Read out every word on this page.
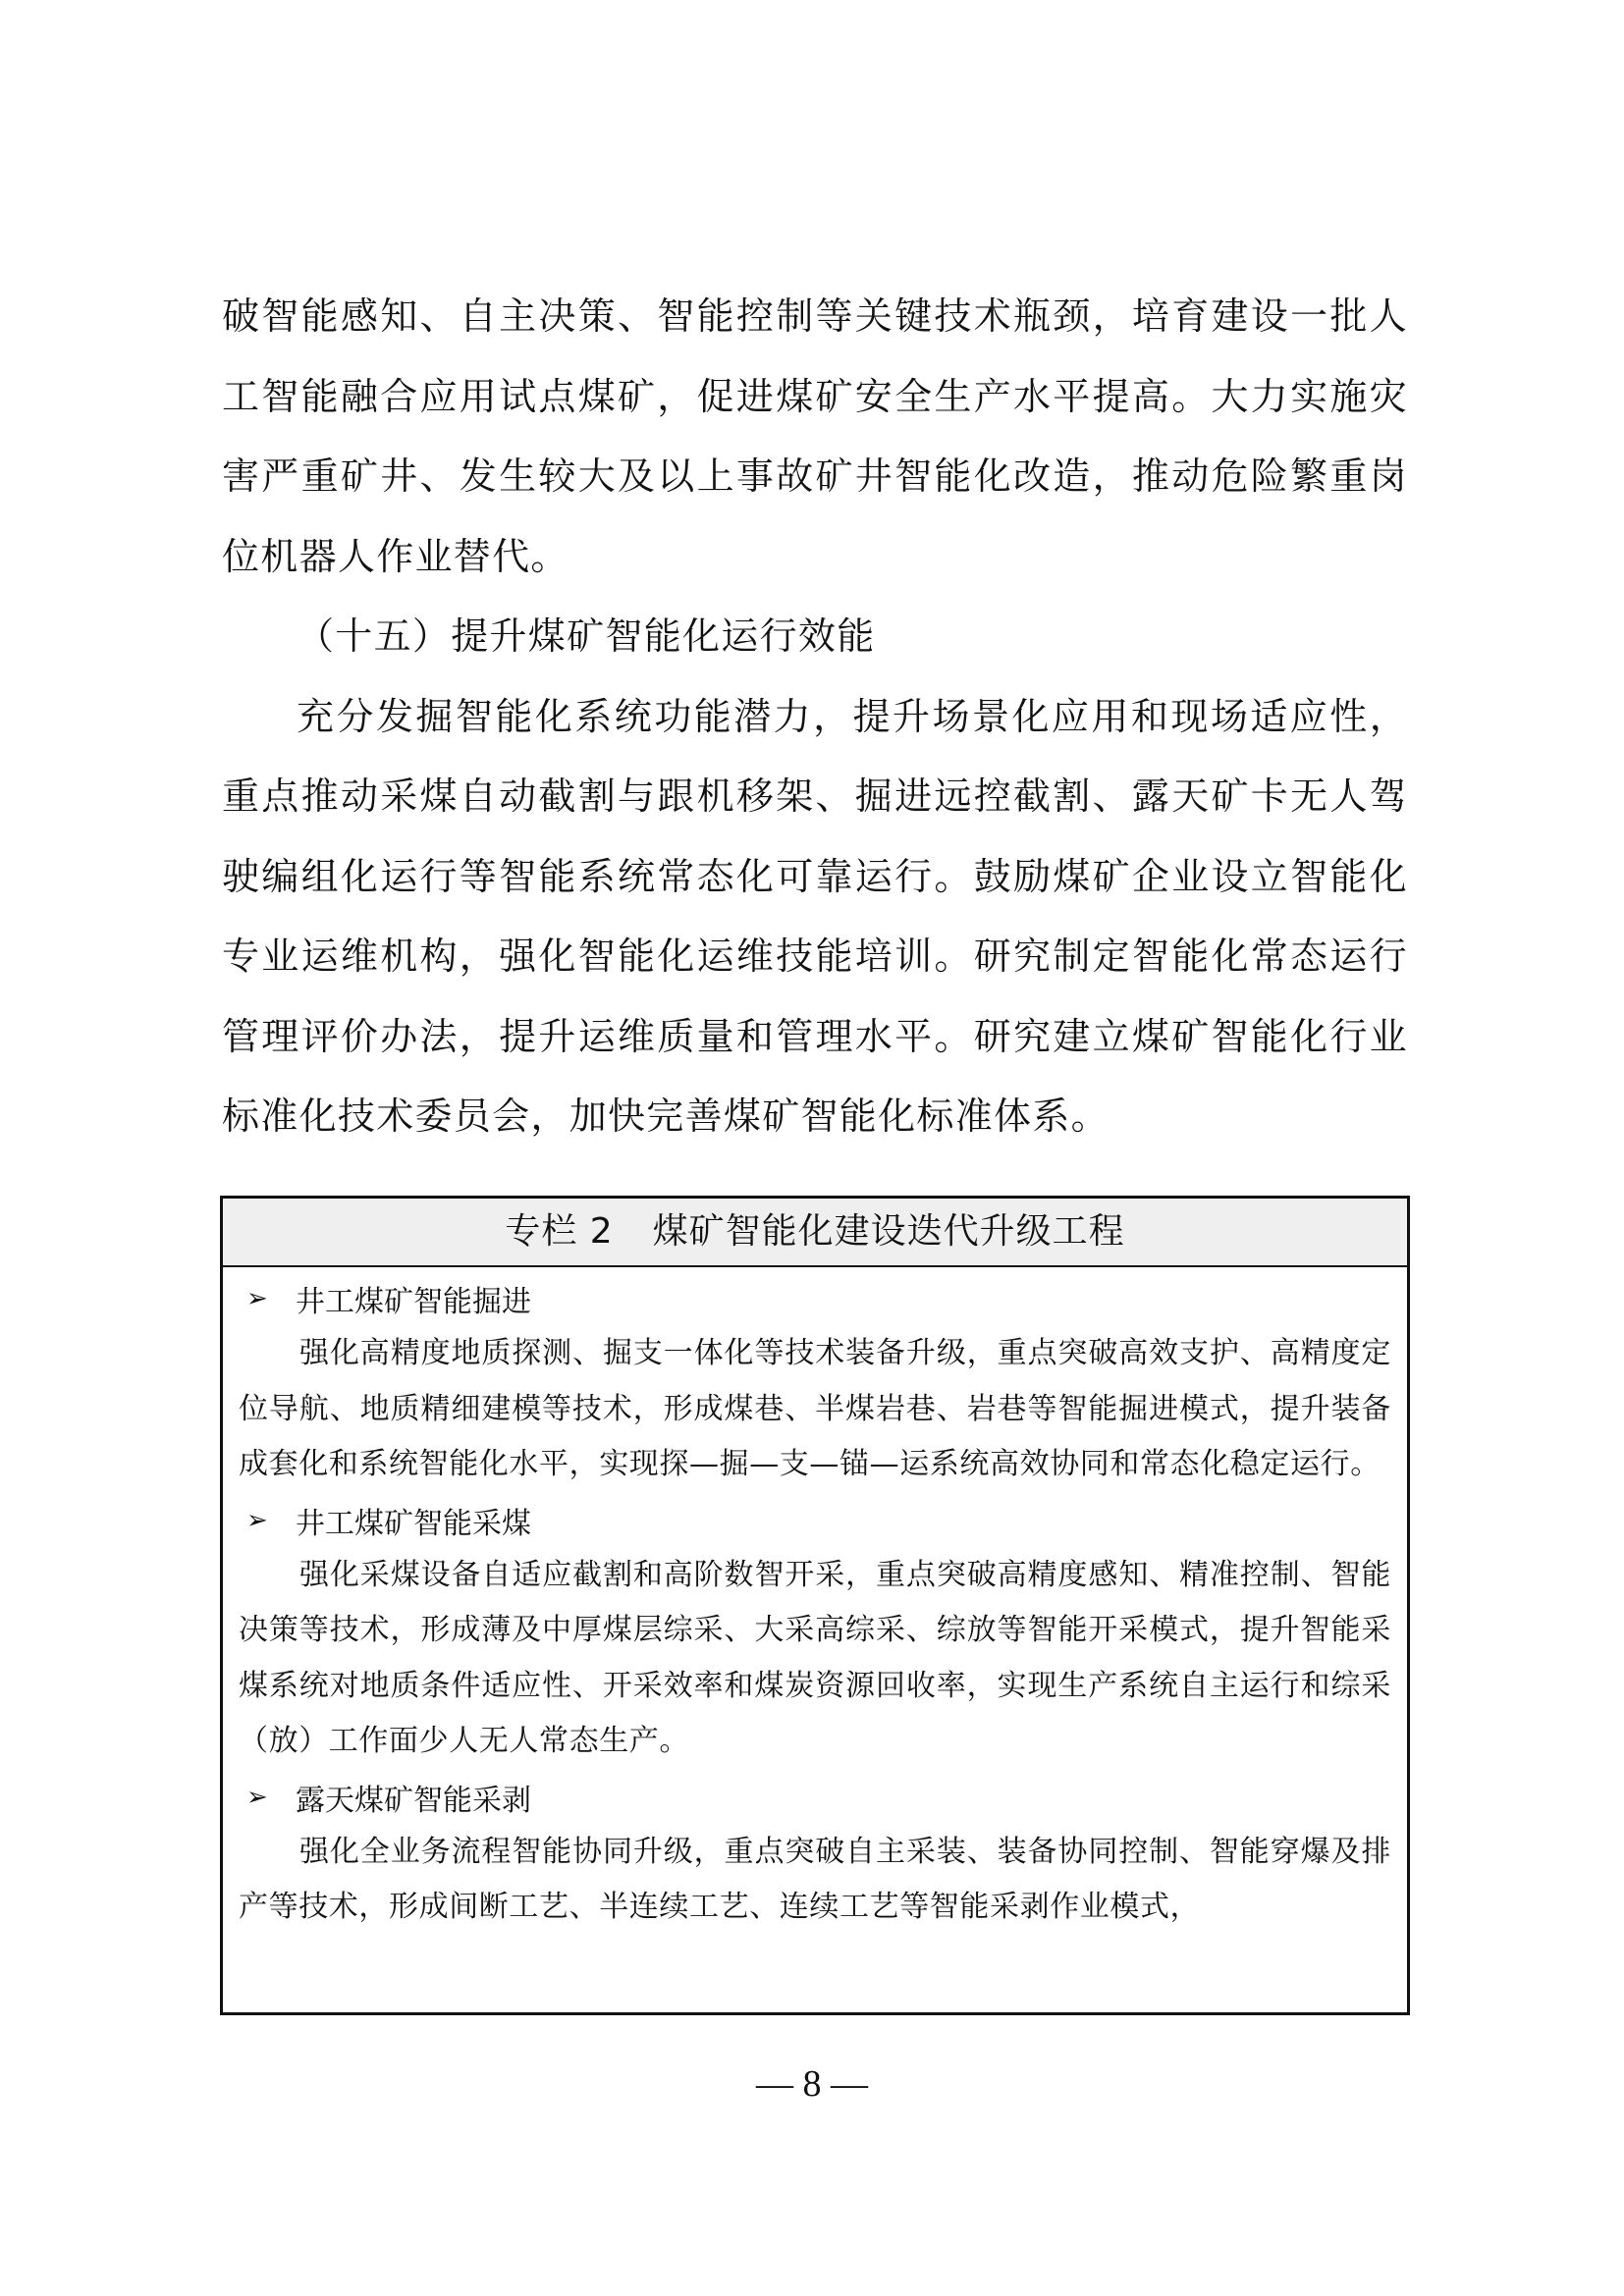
破智能感知、自主决策、智能控制等关键技术瓶颈，培育建设一批人工智能融合应用试点煤矿，促进煤矿安全生产水平提高。大力实施灾害严重矿井、发生较大及以上事故矿井智能化改造，推动危险繁重岗位机器人作业替代。

（十五）提升煤矿智能化运行效能

充分发掘智能化系统功能潜力，提升场景化应用和现场适应性，重点推动采煤自动截割与跟机移架、掘进远控截割、露天矿卡无人驾驶编组化运行等智能系统常态化可靠运行。鼓励煤矿企业设立智能化专业运维机构，强化智能化运维技能培训。研究制定智能化常态运行管理评价办法，提升运维质量和管理水平。研究建立煤矿智能化行业标准化技术委员会，加快完善煤矿智能化标准体系。

专栏 2 煤矿智能化建设迭代升级工程
➢ 井工煤矿智能掘进

强化高精度地质探测、掘支一体化等技术装备升级，重点突破高效支护、高精度定位导航、地质精细建模等技术，形成煤巷、半煤岩巷、岩巷等智能掘进模式，提升装备成套化和系统智能化水平，实现探—掘—支—锚—运系统高效协同和常态化稳定运行。

➢ 井工煤矿智能采煤

强化采煤设备自适应截割和高阶数智开采，重点突破高精度感知、精准控制、智能决策等技术，形成薄及中厚煤层综采、大采高综采、综放等智能开采模式，提升智能采煤系统对地质条件适应性、开采效率和煤炭资源回收率，实现生产系统自主运行和综采（放）工作面少人无人常态生产。

➢ 露天煤矿智能采剥

强化全业务流程智能协同升级，重点突破自主采装、装备协同控制、智能穿爆及排产等技术，形成间断工艺、半连续工艺、连续工艺等智能采剥作业模式，

— 8 —
